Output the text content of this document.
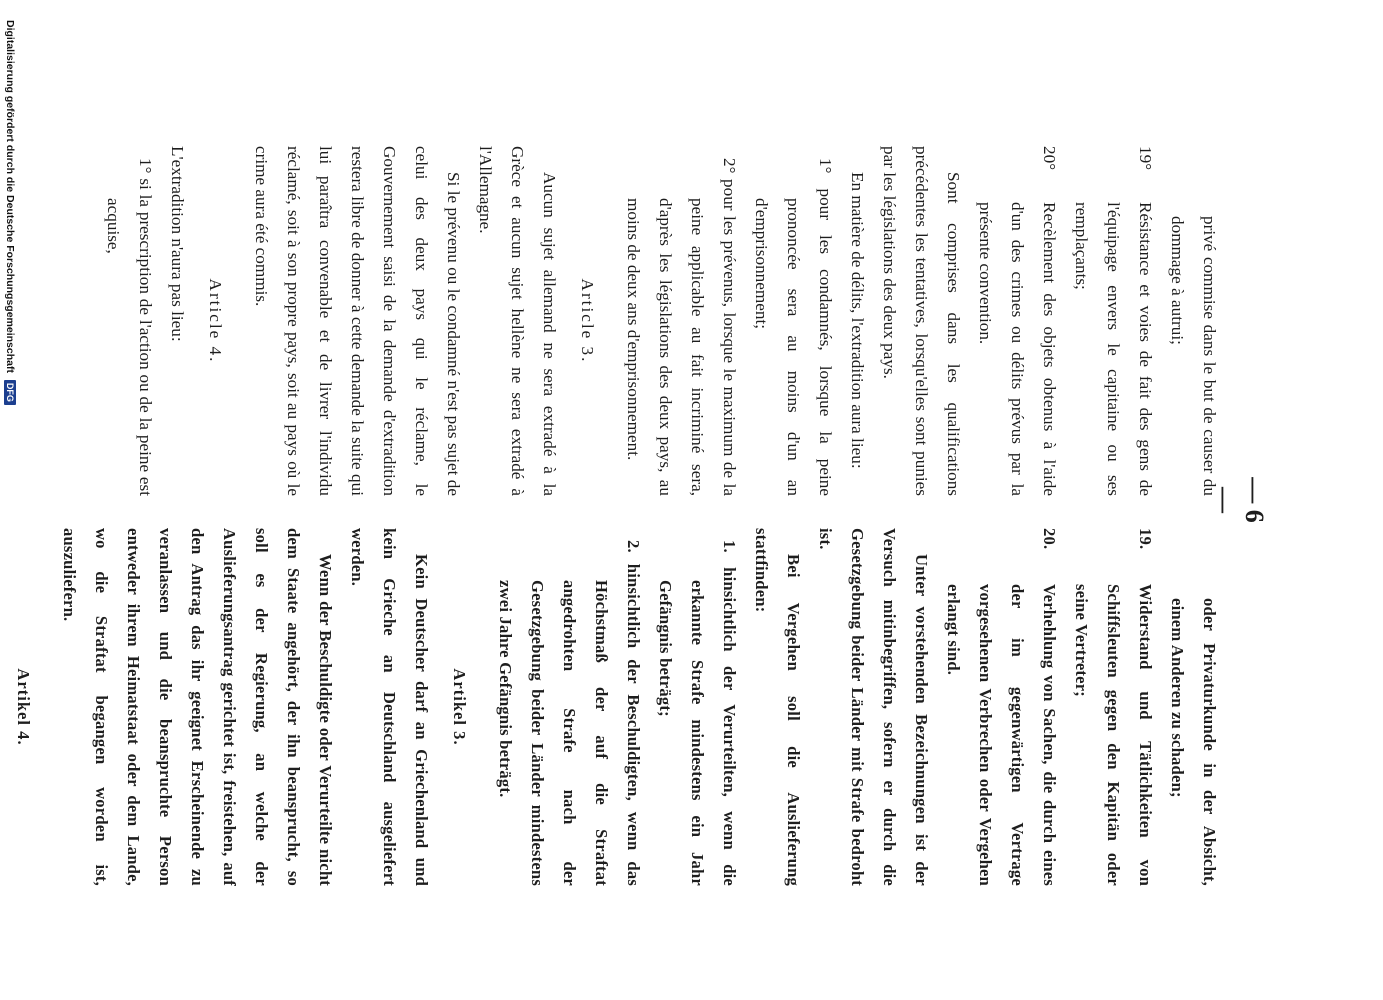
— 6 —

privé commise dans le but de causer du dommage à autrui;

19°Résistance et voies de fait des gens de l'équipage envers le capitaine ou ses remplaçants;

20°Recèlement des objets obtenus à l'aide d'un des crimes ou délits prévus par la présente convention.

Sont comprises dans les qualifications précédentes les tentatives, lorsqu'elles sont punies par les législations des deux pays.

En matière de délits, l'extradition aura lieu:

1° pour les condamnés, lorsque la peine prononcée sera au moins d'un an d'emprisonnement;

2° pour les prévenus, lorsque le maximum de la peine applicable au fait incriminé sera, d'après les législations des deux pays, au moins de deux ans d'emprisonnement.

Article 3.

Aucun sujet allemand ne sera extradé à la Grèce et aucun sujet hellène ne sera extradé à l'Allemagne.

Si le prévenu ou le condamné n'est pas sujet de celui des deux pays qui le réclame, le Gouvernement saisi de la demande d'extradition restera libre de donner à cette demande la suite qui lui paraîtra convenable et de livrer l'individu réclamé, soit à son propre pays, soit au pays où le crime aura été commis.

Article 4.

L'extradition n'aura pas lieu:

1° si la prescription de l'action ou de la peine est acquise,

oder Privaturkunde in der Absicht, einem Anderen zu schaden;

19.Widerstand und Tätlichkeiten von Schiffsleuten gegen den Kapitän oder seine Vertreter;

20.Verhehlung von Sachen, die durch eines der im gegenwärtigen Vertrage vorgesehenen Verbrechen oder Vergehen erlangt sind.

Unter vorstehenden Bezeichnungen ist der Versuch mitinbegriffen, sofern er durch die Gesetzgebung beider Länder mit Strafe bedroht ist.

Bei Vergehen soll die Auslieferung stattfinden:

1. hinsichtlich der Verurteilten, wenn die erkannte Strafe mindestens ein Jahr Gefängnis beträgt;

2. hinsichtlich der Beschuldigten, wenn das Höchstmaß der auf die Straftat angedrohten Strafe nach der Gesetzgebung beider Länder mindestens zwei Jahre Gefängnis beträgt.

Artikel 3.

Kein Deutscher darf an Griechenland und kein Grieche an Deutschland ausgeliefert werden.

Wenn der Beschuldigte oder Verurteilte nicht dem Staate angehört, der ihn beansprucht, so soll es der Regierung, an welche der Auslieferungsantrag gerichtet ist, freistehen, auf den Antrag das ihr geeignet Erscheinende zu veranlassen und die beanspruchte Person entweder ihrem Heimatstaat oder dem Lande, wo die Straftat begangen worden ist, auszuliefern.

Artikel 4.

Digitalisierung gefördert durch die Deutsche Forschungsgemeinschaft DFG
